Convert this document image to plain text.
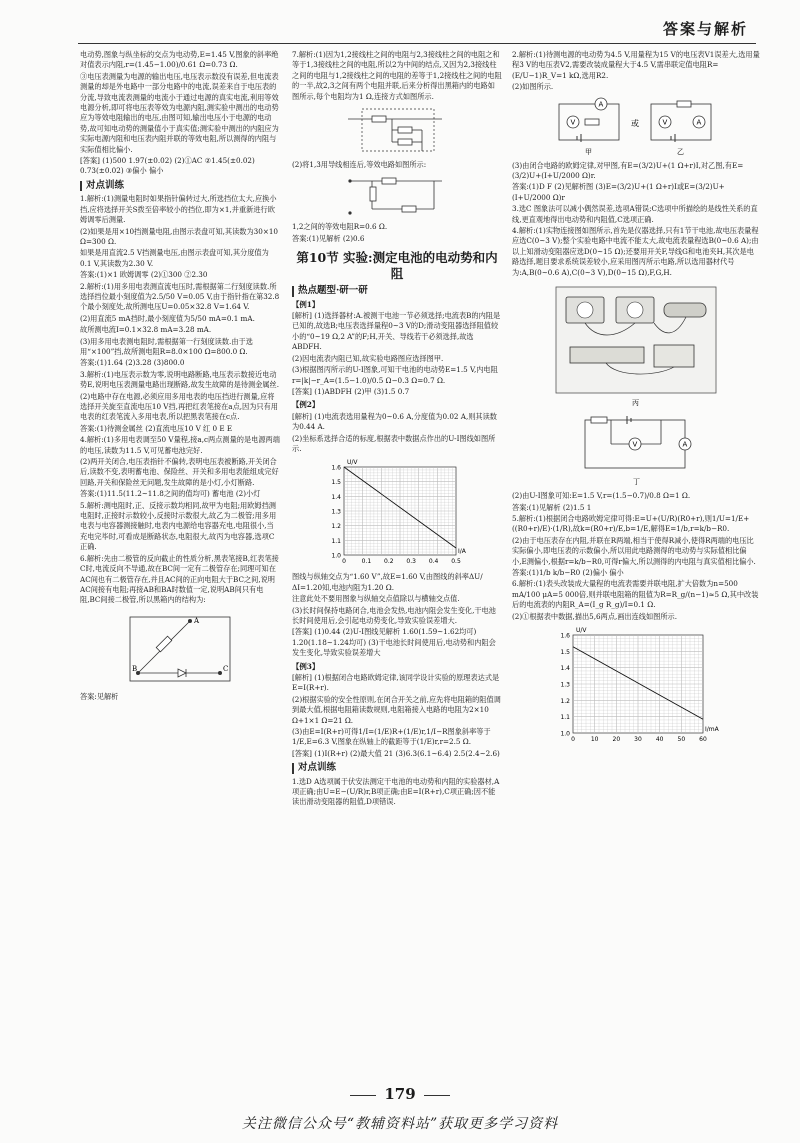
答案与解析

电动势,图象与纵坐标的交点为电动势,E=1.45 V,图象的斜率绝对值表示内阻,r=(1.45−1.00)/0.61 Ω=0.73 Ω.

③电压表测量为电源的输出电压,电压表示数没有误差,但电流表测量的却是外电路中一部分电路中的电流,误差来自于电压表的分流,导致电流表测量的电流小于通过电源的真实电流,利用等效电源分析,即可将电压表等效为电源内阻,测实验中测出的电动势应为等效电阻输出的电压,由图可知,输出电压小于电源的电动势,故可知电动势的测量值小于真实值;测实验中测出的内阻应为实际电源内阻和电压表内阻并联的等效电阻,所以测得的内阻与实际值相比偏小.

[答案] (1)500 1.97(±0.02) (2)①AC ②1.45(±0.02) 0.73(±0.02) ③偏小 偏小

对点训练

1.解析:(1)测量电阻时如果指针偏转过大,所选挡位太大,应换小挡,应将选择开关S拨至倍率较小的挡位,即为×1,并重新进行欧姆调零后测量.

(2)如果是用×10挡测量电阻,由图示表盘可知,其读数为30×10 Ω=300 Ω.

如果是用直流2.5 V挡测量电压,由图示表盘可知,其分度值为0.1 V,其读数为2.30 V.

答案:(1)×1 欧姆调零 (2)①300 ②2.30

2.解析:(1)用多用电表测直流电压时,需根据第二行刻度读数.所选择挡位最小刻度值为2.5/50 V=0.05 V,由于指针指在第32.8个最小刻度处,故所测电压U=0.05×32.8 V=1.64 V.

(2)用直流5 mA挡时,最小刻度值为5/50 mA=0.1 mA.

故所测电流I=0.1×32.8 mA=3.28 mA.

(3)用多用电表测电阻时,需根据第一行刻度读数.由于选用“×100”挡,故所测电阻R=8.0×100 Ω=800.0 Ω.

答案:(1)1.64 (2)3.28 (3)800.0

3.解析:(1)电压表示数为零,说明电路断路,电压表示数接近电动势E,说明电压表测量电路出现断路,故发生故障的是待测金属丝.

(2)电路中存在电源,必须应用多用电表的电压挡进行测量,应将选择开关旋至直流电压10 V挡,再把红表笔接在a点,因为只有用电表的红表笔流入多用电表,所以把黑表笔接在c点.

答案:(1)待测金属丝 (2)直流电压10 V 红 0 E E

4.解析:(1)多用电表调至50 V量程,接a,c两点测量的是电源两端的电压,读数为11.5 V,可见蓄电池完好.

(2)两开关闭合,电压表指针不偏转,表明电压表被断路,开关闭合后,读数不变,表明蓄电池、保险丝、开关和多用电表能组成完好回路,开关和保险丝无问题,发生故障的是小灯,小灯断路.

答案:(1)11.5(11.2~11.8之间的值均可) 蓄电池 (2)小灯

5.解析:测电阻时,正、反接示数均相同,故甲为电阻;用欧姆挡测电阻时,正接时示数较小,反接时示数很大,故乙为二极管;用多用电表与电容器测接触时,电表内电源给电容器充电,电阻很小,当充电完毕时,可看成是断路状态,电阻很大,故丙为电容器,选项C正确.

6.解析:先由二极管的反向截止的性质分析,黑表笔接B,红表笔接C时,电流反向不导通,故在BC间一定有二极管存在;同理可知在AC间也有二极管存在,并且AC间的正向电阻大于BC之间,说明AC间接有电阻;再接AB和BA时数值一定,说明AB间只有电阻,BC间接二极管,所以黑箱内的结构为:

A
B	C

答案:见解析

7.解析:(1)因为1,2接线柱之间的电阻与2,3接线柱之间的电阻之和等于1,3接线柱之间的电阻,所以2为中间的结点,又因为2,3接线柱之间的电阻与1,2接线柱之间的电阻的差等于1,2接线柱之间的电阻的一半,故2,3之间有两个电阻并联,后来分析得出黑箱内的电路如图所示,每个电阻均为1 Ω,连接方式如图所示.

(2)将1,3用导线相连后,等效电路如图所示:

1,2之间的等效电阻R=0.6 Ω.

答案:(1)见解析 (2)0.6

第10节 实验:测定电池的电动势和内阻
热点题型·研一研
【例1】

[解析] (1)选择器材:A.被测干电池一节必须选择;电流表B的内阻是已知的,故选B;电压表选择量程0~3 V的D;滑动变阻器选择阻值较小的“0~19 Ω,2 A”的F;H,开关、导线若干必须选择,故选ABDFH.

(2)因电流表内阻已知,故实验电路图应选择图甲.

(3)根据图丙所示的U-I图象,可知干电池的电动势E=1.5 V,内电阻r=|k|−r_A=(1.5−1.0)/0.5 Ω−0.3 Ω=0.7 Ω.

[答案] (1)ABDFH (2)甲 (3)1.5 0.7

【例2】

[解析] (1)电流表选用量程为0~0.6 A,分度值为0.02 A,则其读数为0.44 A.

(2)坐标系选择合适的标度,根据表中数据点作出的U-I图线如图所示.

1.6
1.5
1.4
1.3
1.2
1.1
1.0
0	0.1 0.2 0.3 0.4 0.5
U/V
I/A

图线与纵轴交点为“1.60 V”,故E=1.60 V,由图线的斜率ΔU/ΔI=1.20知,电池内阻为1.20 Ω.

注意此处不要用图象与纵轴交点值除以与横轴交点值.

(3)长时间保持电路闭合,电池会发热,电池内阻会发生变化,干电池长时间使用后,会引起电动势变化,导致实验误差增大.

[答案] (1)0.44 (2)U-I图线见解析 1.60(1.59~1.62均可) 1.20(1.18~1.24均可) (3)干电池长时间使用后,电动势和内阻会发生变化,导致实验误差增大

【例3】

[解析] (1)根据闭合电路欧姆定律,该同学设计实验的原理表达式是E=I(R+r).

(2)根据实验的安全性原则,在闭合开关之前,应先将电阻箱的阻值调到最大值,根据电阻箱读数规则,电阻箱接入电路的电阻为2×10 Ω+1×1 Ω=21 Ω.

(3)由E=I(R+r)可得1/I=(1/E)R+(1/E)r,1/I−R图象斜率等于1/E,E=6.3 V,图象在纵轴上的截距等于(1/E)r,r=2.5 Ω.

[答案] (1)I(R+r) (2)最大值 21 (3)6.3(6.1~6.4) 2.5(2.4~2.6)

对点训练

1.选D A选项属于伏安法测定干电池的电动势和内阻的实验器材,A项正确;由U=E−(U/R)r,B项正确;由E=I(R+r),C项正确;因不能读出滑动变阻器的阻值,D项错误.

2.解析:(1)待测电源的电动势为4.5 V,用量程为15 V的电压表V1误差大,选用量程3 V的电压表V2,需要改装成量程大于4.5 V,需串联定值电阻R=(E/U−1)R_V=1 kΩ,选用R2.

(2)如图所示.

V
A
甲
或	V	A
乙

(3)由闭合电路的欧姆定律,对甲图,有E=(3/2)U+(1 Ω+r)I,对乙图,有E=(3/2)U+(I+U/2000 Ω)r.

答案:(1)D F (2)见解析图 (3)E=(3/2)U+(1 Ω+r)I或E=(3/2)U+(I+U/2000 Ω)r

3.选C 图象法可以减小偶然误差,选项A错误;C选项中所描绘的是线性关系的直线,更直观地得出电动势和内阻值,C选项正确.

4.解析:(1)实物连接图如图所示,首先是仪器选择,只有1节干电池,故电压表量程应选C(0~3 V);整个实验电路中电流不能太大,故电流表量程选B(0~0.6 A);由以上知滑动变阻器应选D(0~15 Ω);还要用开关F,导线G和电池夹H,其次是电路选择,题目要求系统误差较小,应采用图丙所示电路,所以选用器材代号为:A,B(0~0.6 A),C(0~3 V),D(0~15 Ω),F,G,H.

丙
V	A
丁

(2)由U-I图象可知:E=1.5 V,r=(1.5−0.7)/0.8 Ω=1 Ω.

答案:(1)见解析 (2)1.5 1

5.解析:(1)根据闭合电路欧姆定律可得:E=U+(U/R)(R0+r),则1/U=1/E+((R0+r)/E)·(1/R),故k=(R0+r)/E,b=1/E,解得E=1/b,r=k/b−R0.

(2)由于电压表存在内阻,并联在R两端,相当于使得R减小,使得R两端的电压比实际偏小,即电压表的示数偏小,所以用此电路测得的电动势与实际值相比偏小,E测偏小,根据r=k/b−R0,可得r偏大,所以测得的内电阻与真实值相比偏小.

答案:(1)1/b k/b−R0 (2)偏小 偏小

6.解析:(1)表头改装成大量程的电流表需要并联电阻,扩大倍数为n=500 mA/100 μA=5 000倍,则并联电阻箱的阻值为R=R_g/(n−1)≈5 Ω,其中改装后的电流表的内阻R_A=(I_g R_g)/I=0.1 Ω.

(2)①根据表中数据,描出5,6两点,画出连线如图所示.

1.6
1.5
1.4
1.3
1.2
1.1
1.0
0	10 20 30 40 50 60
U/V
I/mA
179
关注微信公众号“教辅资料站”获取更多学习资料
